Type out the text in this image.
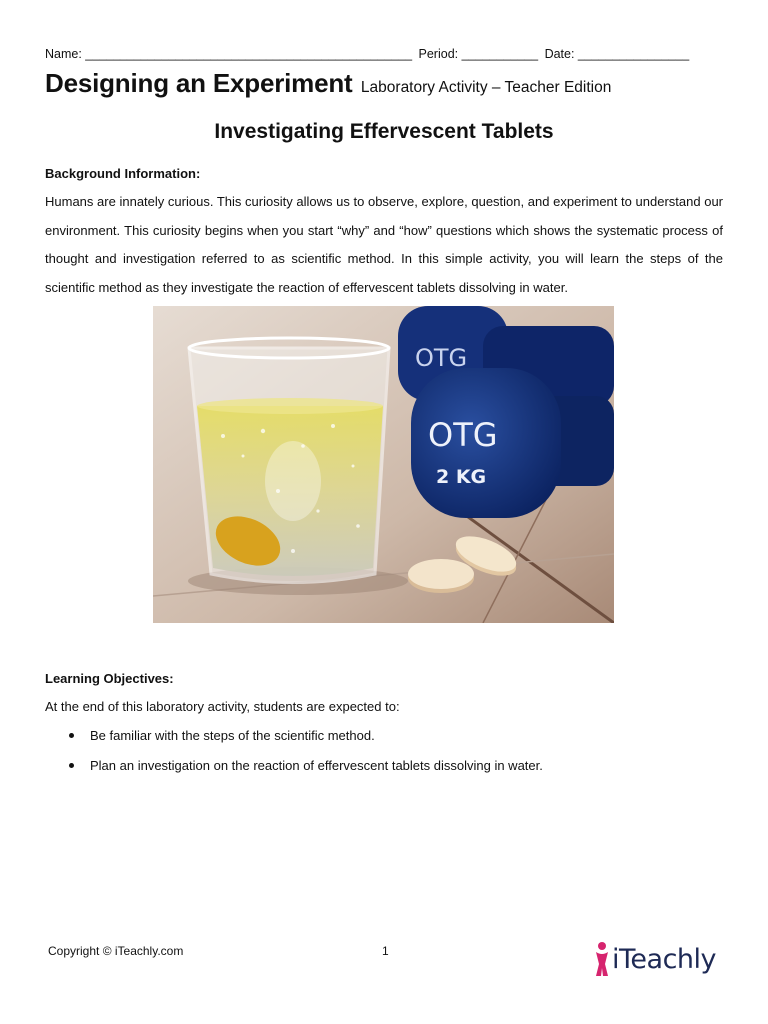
Name: _______________________________________________ Period: ___________ Date: ________________
Designing an Experiment Laboratory Activity – Teacher Edition
Investigating Effervescent Tablets
Background Information:
Humans are innately curious. This curiosity allows us to observe, explore, question, and experiment to understand our environment. This curiosity begins when you start “why” and “how” questions which shows the systematic process of thought and investigation referred to as scientific method. In this simple activity, you will learn the steps of the scientific method as they investigate the reaction of effervescent tablets dissolving in water.
OTG
OTG
2 KG
Learning Objectives:
At the end of this laboratory activity, students are expected to:
Be familiar with the steps of the scientific method.
Plan an investigation on the reaction of effervescent tablets dissolving in water.
Copyright © iTeachly.com	1	iTeachly
